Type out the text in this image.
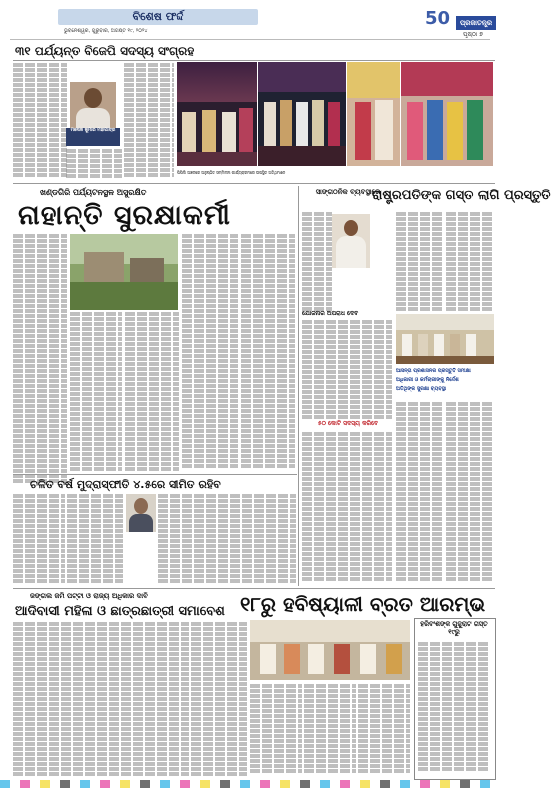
ବିଶେଷ ଫର୍ଦ୍ଦ
ଭୁବନେଶ୍ୱର, ଗୁରୁବାର, ଅଗଷ୍ଟ ୧୯, ୨୦୨୪
50	ପ୍ରଜାତନ୍ତ୍ର
ପୃଷ୍ଠା ୭
୩୧ ପର୍ଯ୍ୟନ୍ତ ବିଜେପି ସଦସ୍ୟ ସଂଗ୍ରହ
ମନୋଜ କୁମାର ମହାପାତ୍ର
ପିପିଲି ଅଞ୍ଚଳରେ ଅନୁଷ୍ଠିତ ସମ୍ମିଳନୀ କାର୍ଯ୍ୟକ୍ରମରେ ଉପସ୍ଥିତ ଅତିଥିମାନେ
ଖଣ୍ଡଗିରି ପର୍ଯ୍ୟଟନସ୍ଥଳ ଅସୁରକ୍ଷିତ
ନାହାନ୍ତି ସୁରକ୍ଷାକର୍ମୀ
ସାଙ୍ଗଠନିକ ବ୍ୟବସ୍ଥାରେ
ରାଷ୍ଟ୍ରପତିଙ୍କ ଗସ୍ତ ଲାଗି ପ୍ରସ୍ତୁତି
ଯୋଜନାର ଅପରାଧ ଦେବ
୫୦ କୋଟି ସଦସ୍ୟ କରିବେ
ଆସନ୍ତା ପ୍ରଶାସନର ପ୍ରସ୍ତୁତି ସମୀକ୍ଷା
ଅଧିକାରୀ ଓ କର୍ମଚାରୀଙ୍କୁ ନିର୍ଦ୍ଦେଶ
ଅତିଥିଙ୍କ ସୁରକ୍ଷା ବ୍ୟବସ୍ଥା
ଚଳିତ ବର୍ଷ ମୁଦ୍ରାସ୍ଫୀତି ୪.୫ରେ ସୀମିତ ରହିବ
ଜଙ୍ଗଲ ଜମି ପଟ୍ଟା ଓ ରାଜ୍ୟ ଅଧିକାର ଦାବି
ଆଦିବାସୀ ମହିଳା ଓ ଛାତ୍ରଛାତ୍ରୀ ସମାବେଶ ୧୮ରୁ ହବିଷ୍ୟାଳୀ ବ୍ରତ ଆରମ୍ଭ
ହରିବଂଶଙ୍କ ଗୁଜୁରାଟ ଗସ୍ତ ୧୯ରୁ
